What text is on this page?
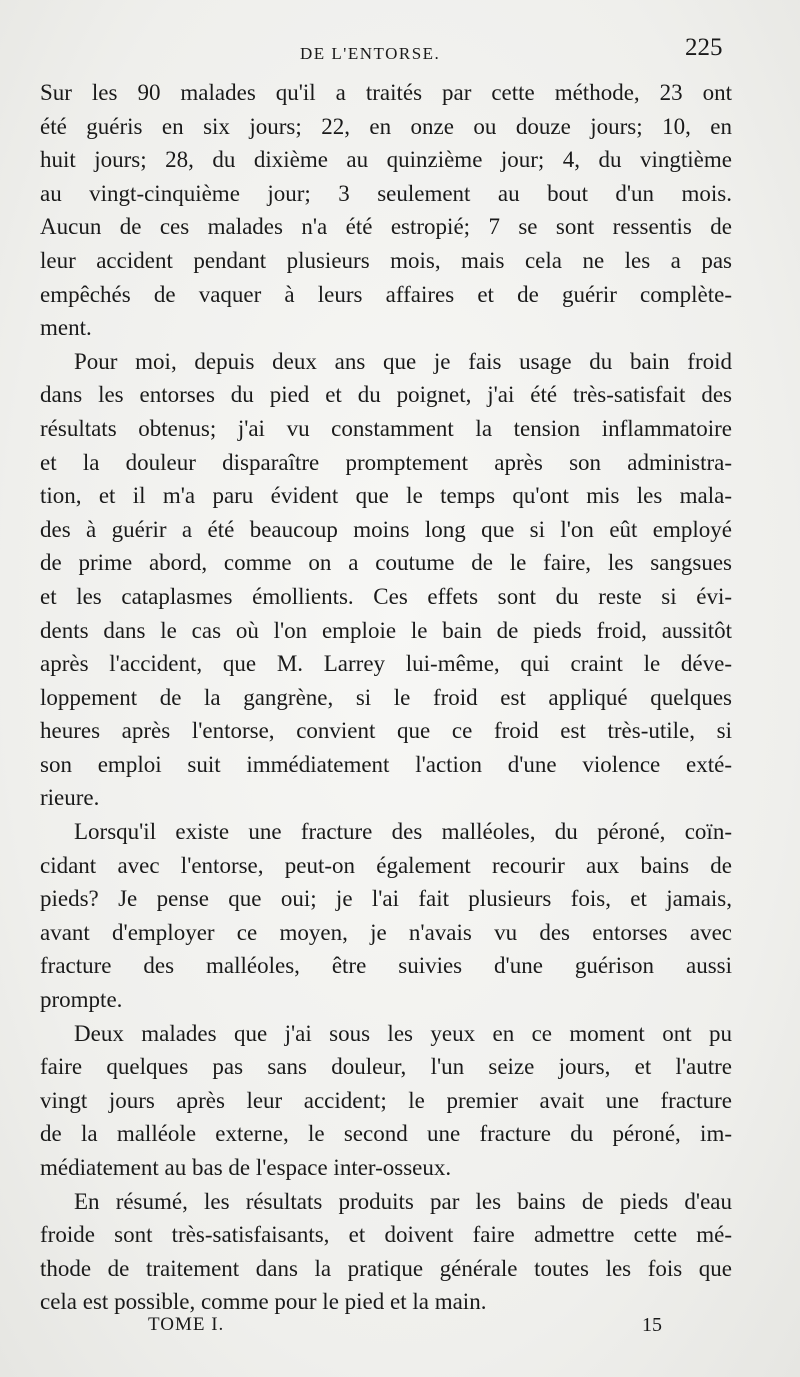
DE L'ENTORSE.	225
Sur les 90 malades qu'il a traités par cette méthode, 23 ont
été guéris en six jours; 22, en onze ou douze jours; 10, en
huit jours; 28, du dixième au quinzième jour; 4, du vingtième
au vingt-cinquième jour; 3 seulement au bout d'un mois.
Aucun de ces malades n'a été estropié; 7 se sont ressentis de
leur accident pendant plusieurs mois, mais cela ne les a pas
empêchés de vaquer à leurs affaires et de guérir complète-
ment.
Pour moi, depuis deux ans que je fais usage du bain froid
dans les entorses du pied et du poignet, j'ai été très-satisfait des
résultats obtenus; j'ai vu constamment la tension inflammatoire
et la douleur disparaître promptement après son administra-
tion, et il m'a paru évident que le temps qu'ont mis les mala-
des à guérir a été beaucoup moins long que si l'on eût employé
de prime abord, comme on a coutume de le faire, les sangsues
et les cataplasmes émollients. Ces effets sont du reste si évi-
dents dans le cas où l'on emploie le bain de pieds froid, aussitôt
après l'accident, que M. Larrey lui-même, qui craint le déve-
loppement de la gangrène, si le froid est appliqué quelques
heures après l'entorse, convient que ce froid est très-utile, si
son emploi suit immédiatement l'action d'une violence exté-
rieure.
Lorsqu'il existe une fracture des malléoles, du péroné, coïn-
cidant avec l'entorse, peut-on également recourir aux bains de
pieds? Je pense que oui; je l'ai fait plusieurs fois, et jamais,
avant d'employer ce moyen, je n'avais vu des entorses avec
fracture des malléoles, être suivies d'une guérison aussi
prompte.
Deux malades que j'ai sous les yeux en ce moment ont pu
faire quelques pas sans douleur, l'un seize jours, et l'autre
vingt jours après leur accident; le premier avait une fracture
de la malléole externe, le second une fracture du péroné, im-
médiatement au bas de l'espace inter-osseux.
En résumé, les résultats produits par les bains de pieds d'eau
froide sont très-satisfaisants, et doivent faire admettre cette mé-
thode de traitement dans la pratique générale toutes les fois que
cela est possible, comme pour le pied et la main.
TOME I.	15
